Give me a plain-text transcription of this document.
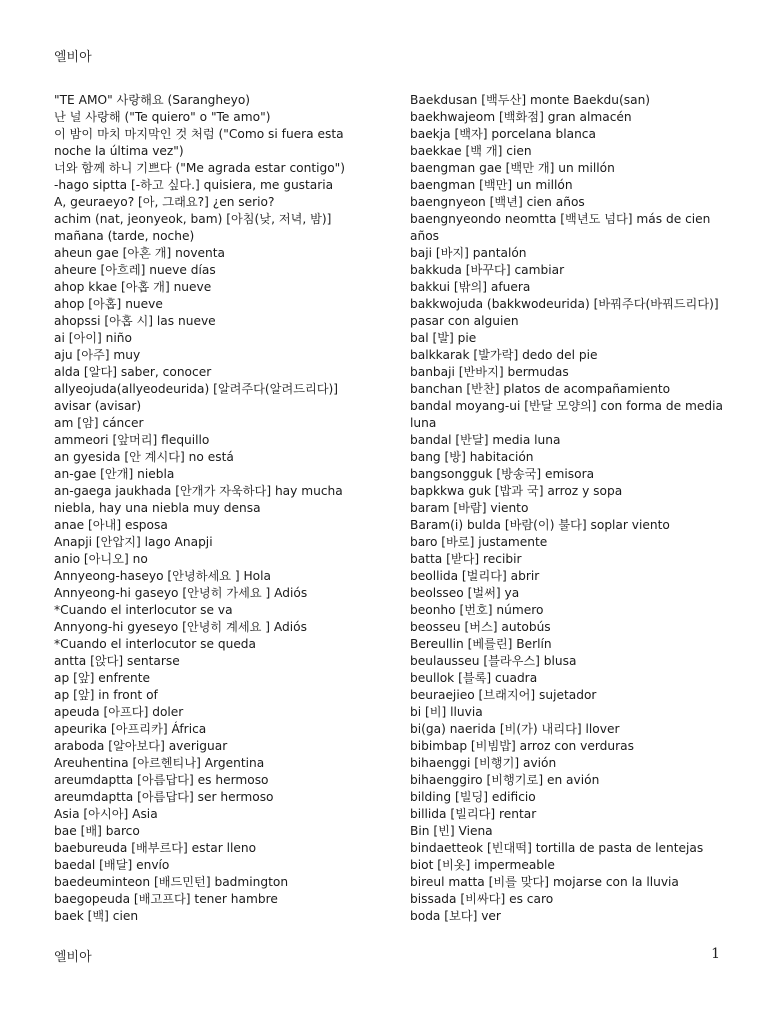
엘비아

"TE AMO" 사랑해요 (Sarangheyo)

난 널 사랑해 ("Te quiero" o "Te amo")

이 밤이 마치 마지막인 것 처럼 ("Como si fuera esta noche la última vez")

너와 함께 하니 기쁘다 ("Me agrada estar contigo")

-hago siptta [-하고 싶다.] quisiera, me gustaria

A, geuraeyo? [아, 그래요?] ¿en serio?

achim (nat, jeonyeok, bam) [아침(낮, 저녁, 밤)] mañana (tarde, noche)

aheun gae [아혼 개] noventa

aheure [아흐레] nueve días

ahop kkae [아홉 개] nueve

ahop [아홉] nueve

ahopssi [아홉 시] las nueve

ai [아이] niño

aju [아주] muy

alda [알다] saber, conocer

allyeojuda(allyeodeurida) [알려주다(알려드리다)] avisar (avisar)

am [암] cáncer

ammeori [앞머리] flequillo

an gyesida [안 계시다] no está

an-gae [안개] niebla

an-gaega jaukhada [안개가 자욱하다] hay mucha niebla, hay una niebla muy densa

anae [아내] esposa

Anapji [안압지] lago Anapji

anio [아니오] no

Annyeong-haseyo [안녕하세요 ] Hola

Annyeong-hi gaseyo [안녕히 가세요 ] Adiós

*Cuando el interlocutor se va

Annyong-hi gyeseyo [안녕히 계세요 ] Adiós

*Cuando el interlocutor se queda

antta [앉다] sentarse

ap [앞] enfrente

ap [앞] in front of

apeuda [아프다] doler

apeurika [아프리카] África

araboda [알아보다] averiguar

Areuhentina [아르헨티나] Argentina

areumdaptta [아름답다] es hermoso

areumdaptta [아름답다] ser hermoso

Asia [아시아] Asia

bae [배] barco

baebureuda [배부르다] estar lleno

baedal [배달] envío

baedeuminteon [배드민턴] badmington

baegopeuda [배고프다] tener hambre

baek [백] cien

Baekdusan [백두산] monte Baekdu(san)

baekhwajeom [백화점] gran almacén

baekja [백자] porcelana blanca

baekkae [백 개] cien

baengman gae [백만 개] un millón

baengman [백만] un millón

baengnyeon [백년] cien años

baengnyeondo neomtta [백년도 넘다] más de cien años

baji [바지] pantalón

bakkuda [바꾸다] cambiar

bakkui [밖의] afuera

bakkwojuda (bakkwodeurida) [바꿔주다(바꿔드리다)] pasar con alguien

bal [발] pie

balkkarak [발가락] dedo del pie

banbaji [반바지] bermudas

banchan [반찬] platos de acompañamiento

bandal moyang-ui [반달 모양의] con forma de media luna

bandal [반달] media luna

bang [방] habitación

bangsongguk [방송국] emisora

bapkkwa guk [밥과 국] arroz y sopa

baram [바람] viento

Baram(i) bulda [바람(이) 불다] soplar viento

baro [바로] justamente

batta [받다] recibir

beollida [벌리다] abrir

beolsseo [벌써] ya

beonho [번호] número

beosseu [버스] autobús

Bereullin [베를린] Berlín

beulausseu [블라우스] blusa

beullok [블록] cuadra

beuraejieo [브래지어] sujetador

bi [비] lluvia

bi(ga) naerida [비(가) 내리다] llover

bibimbap [비빔밥] arroz con verduras

bihaenggi [비행기] avión

bihaenggiro [비행기로] en avión

bilding [빌딩] edificio

billida [빌리다] rentar

Bin [빈] Viena

bindaetteok [빈대떡] tortilla de pasta de lentejas

biot [비옷] impermeable

bireul matta [비를 맞다] mojarse con la lluvia

bissada [비싸다] es caro

boda [보다] ver

엘비아	1
